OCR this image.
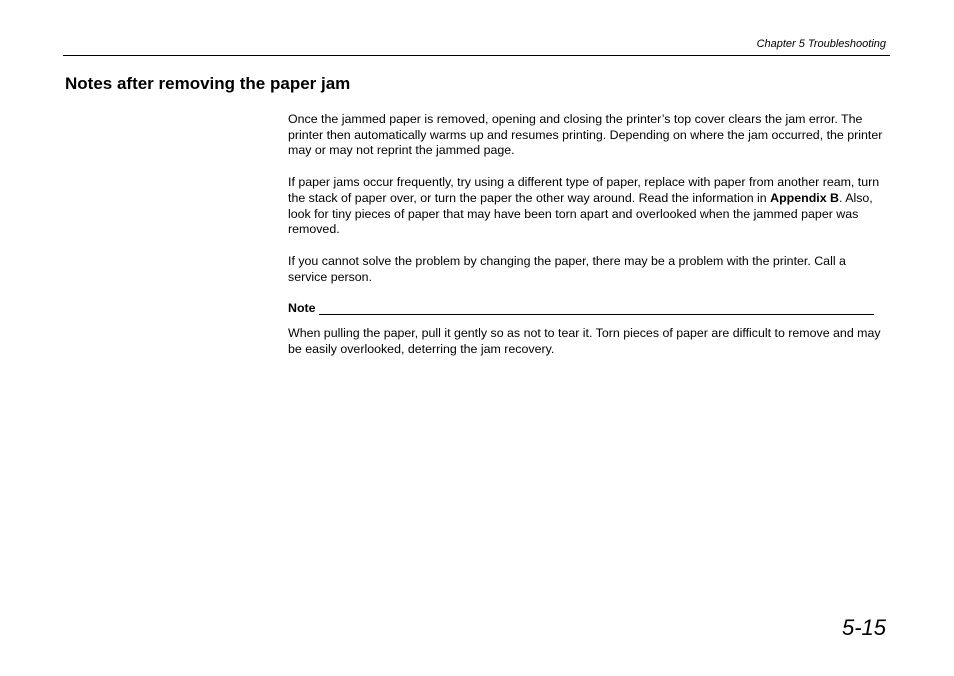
Chapter 5 Troubleshooting
Notes after removing the paper jam

Once the jammed paper is removed, opening and closing the printer’s top cover clears the jam error. The printer then automatically warms up and resumes printing. Depending on where the jam occurred, the printer may or may not reprint the jammed page.

If paper jams occur frequently, try using a different type of paper, replace with paper from another ream, turn the stack of paper over, or turn the paper the other way around. Read the information in Appendix B. Also, look for tiny pieces of paper that may have been torn apart and overlooked when the jammed paper was removed.

If you cannot solve the problem by changing the paper, there may be a problem with the printer. Call a service person.

Note

When pulling the paper, pull it gently so as not to tear it. Torn pieces of paper are difficult to remove and may be easily overlooked, deterring the jam recovery.

5-15
